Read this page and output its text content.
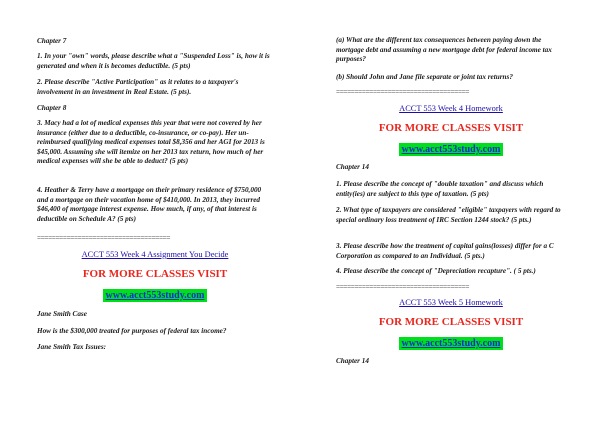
Chapter 7

1. In your "own" words, please describe what a "Suspended Loss" is, how it is generated and when it is becomes deductible. (5 pts)

2. Please describe "Active Participation" as it relates to a taxpayer's involvement in an investment in Real Estate. (5 pts).

Chapter 8

3. Macy had a lot of medical expenses this year that were not covered by her insurance (either due to a deductible, co-insurance, or co-pay). Her un-reimbursed qualifying medical expenses total $8,356 and her AGI for 2013 is $45,000. Assuming she will itemize on her 2013 tax return, how much of her medical expenses will she be able to deduct? (5 pts)

4. Heather & Terry have a mortgage on their primary residence of $750,000 and a mortgage on their vacation home of $410,000. In 2013, they incurred $46,400 of mortgage interest expense. How much, if any, of that interest is deductible on Schedule A? (5 pts)

====================================

ACCT 553 Week 4 Assignment You Decide

FOR MORE CLASSES VISIT

www.acct553study.com

Jane Smith Case

How is the $300,000 treated for purposes of federal tax income?

Jane Smith Tax Issues:

(a) What are the different tax consequences between paying down the mortgage debt and assuming a new mortgage debt for federal income tax purposes?

(b) Should John and Jane file separate or joint tax returns?

====================================

ACCT 553 Week 4 Homework

FOR MORE CLASSES VISIT

www.acct553study.com

Chapter 14

1. Please describe the concept of "double taxation" and discuss which entity(ies) are subject to this type of taxation. (5 pts)

2. What type of taxpayers are considered "eligible" taxpayers with regard to special ordinary loss treatment of IRC Section 1244 stock? (5 pts.)

3. Please describe how the treatment of capital gains(losses) differ for a C Corporation as compared to an Individual. (5 pts.)

4. Please describe the concept of "Depreciation recapture". ( 5 pts.)

====================================

ACCT 553 Week 5 Homework

FOR MORE CLASSES VISIT

www.acct553study.com

Chapter 14
